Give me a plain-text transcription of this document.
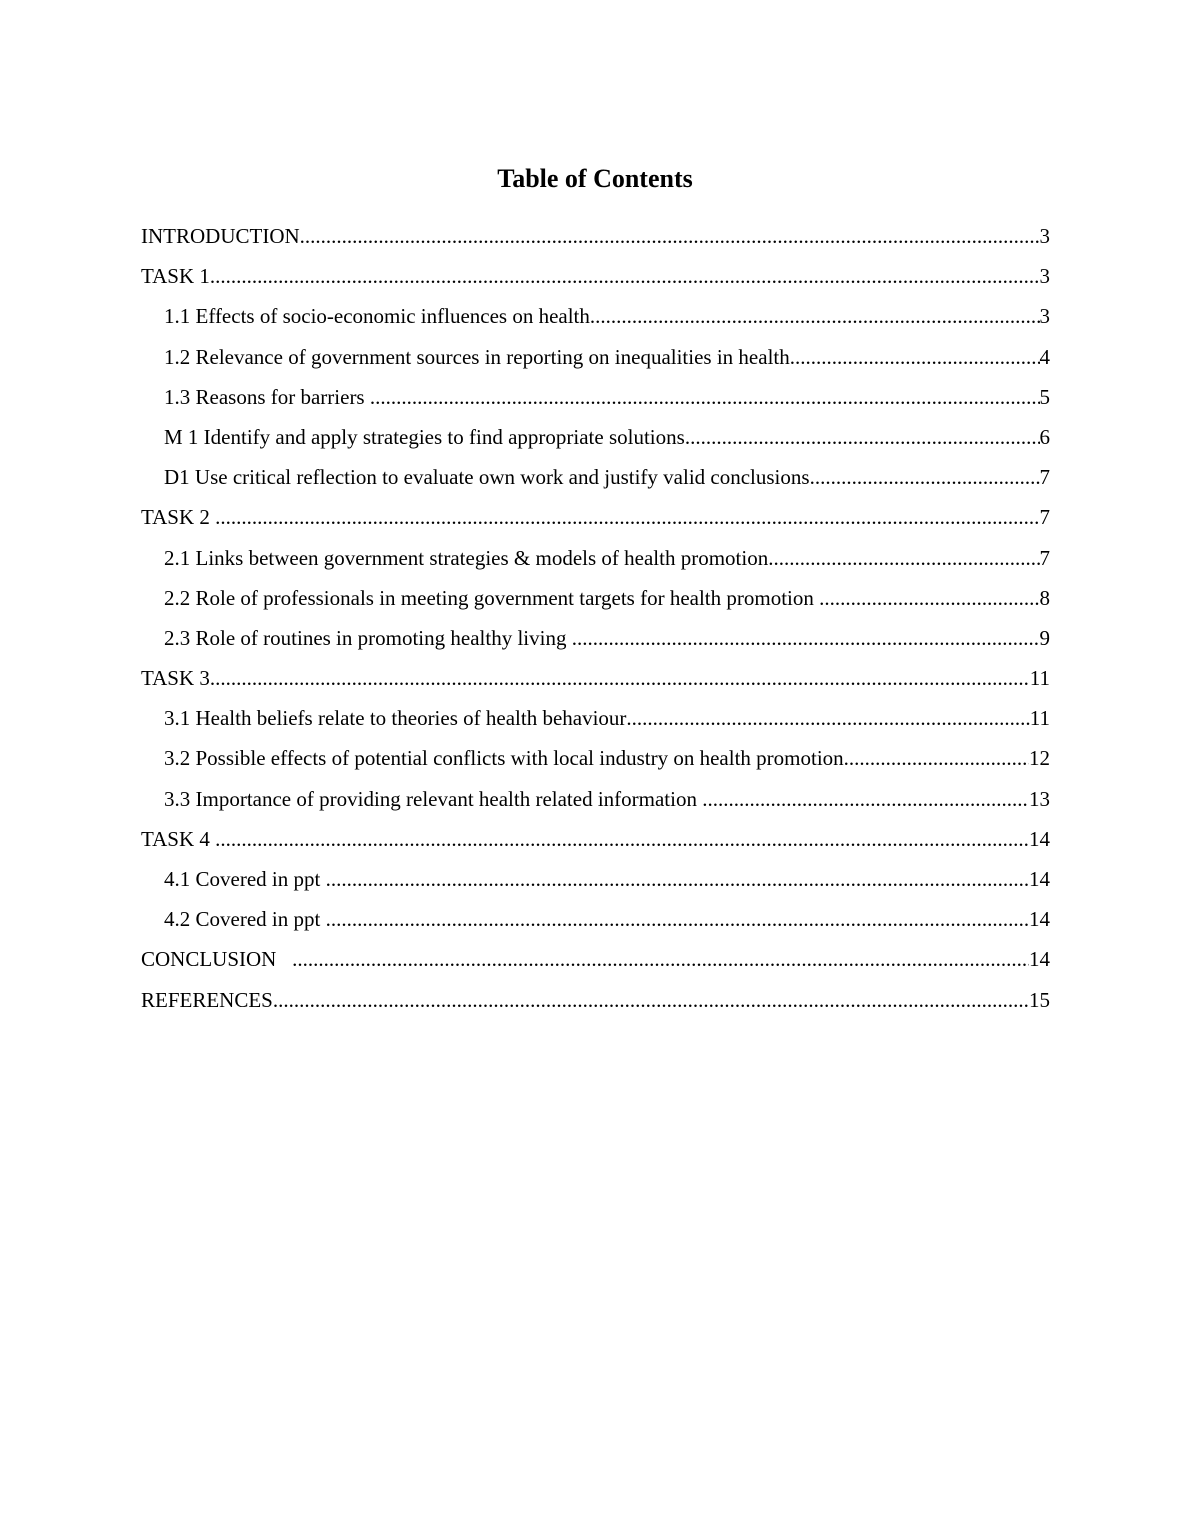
Table of Contents
INTRODUCTION .....	3
TASK 1 .....	3
1.1 Effects of socio-economic influences on health .....	3
1.2 Relevance of government sources in reporting on inequalities in health .....	4
1.3 Reasons for barriers .....	5
M 1 Identify and apply strategies to find appropriate solutions .....	6
D1 Use critical reflection to evaluate own work and justify valid conclusions .....	7
TASK 2 .....	7
2.1 Links between government strategies & models of health promotion .....	7
2.2 Role of professionals in meeting government targets for health promotion .....	8
2.3 Role of routines in promoting healthy living .....	9
TASK 3 .....	11
3.1 Health beliefs relate to theories of health behaviour .....	11
3.2 Possible effects of potential conflicts with local industry on health promotion .....	12
3.3 Importance of providing relevant health related information .....	13
TASK 4 .....	14
4.1 Covered in ppt .....	14
4.2 Covered in ppt .....	14
CONCLUSION .....	14
REFERENCES .....	15
